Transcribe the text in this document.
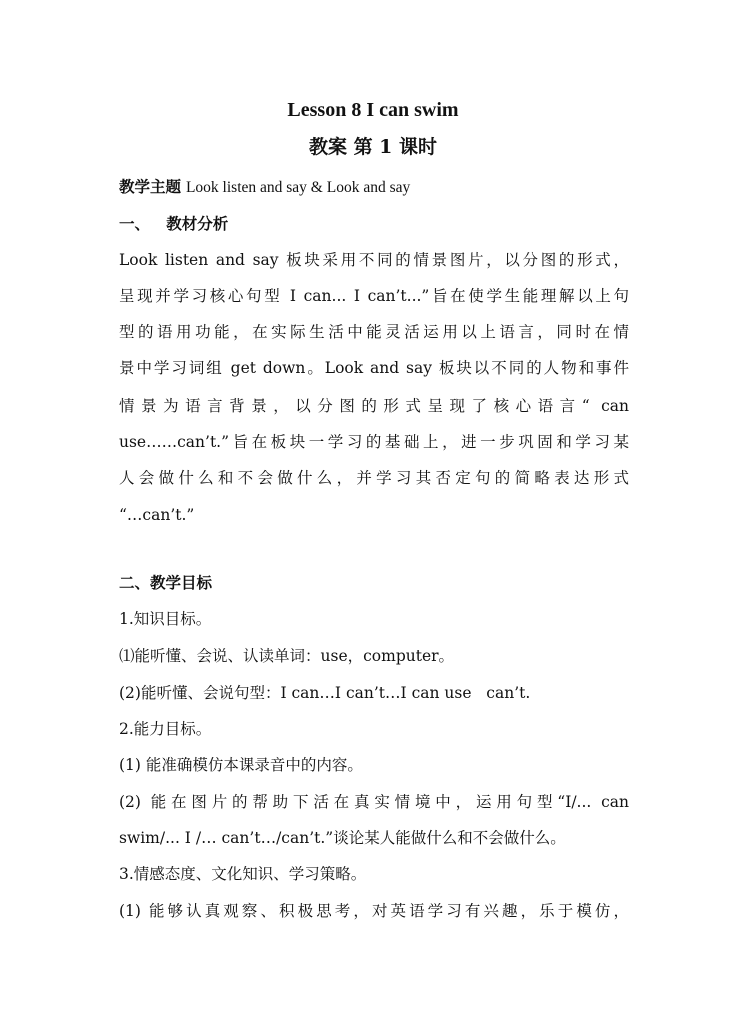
Lesson 8 I can swim
教案 第 1 课时
教学主题 Look listen and say & Look and say
一、   教材分析
Look listen and say 板块采用不同的情景图片，以分图的形式，
呈现并学习核心句型 I can... I can’t...”旨在使学生能理解以上句
型的语用功能，在实际生活中能灵活运用以上语言，同时在情
景中学习词组 get down。Look and say 板块以不同的人物和事件
情景为语言背景，以分图的形式呈现了核心语言“ can
use……can’t.”旨在板块一学习的基础上，进一步巩固和学习某
人会做什么和不会做什么，并学习其否定句的简略表达形式
“…can’t.”
二、教学目标
1.知识目标。
⑴能听懂、会说、认读单词：use，computer。
(2)能听懂、会说句型：I can…I can’t…I can use   can’t.
2.能力目标。
(1) 能准确模仿本课录音中的内容。
(2) 能在图片的帮助下活在真实情境中，运用句型“I/... can
swim/... I /… can’t…/can’t.”谈论某人能做什么和不会做什么。
3.情感态度、文化知识、学习策略。
(1) 能够认真观察、积极思考，对英语学习有兴趣，乐于模仿，
